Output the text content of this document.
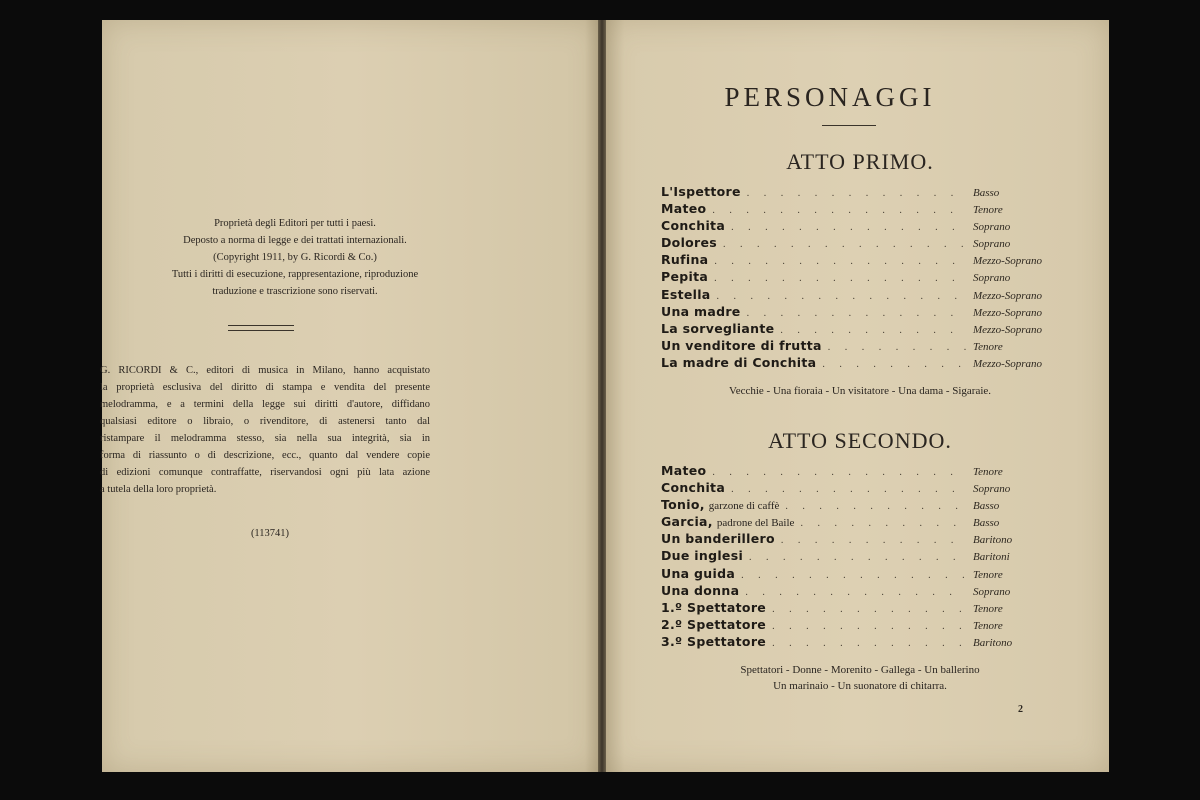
Proprietà degli Editori per tutti i paesi.
Deposto a norma di legge e dei trattati internazionali.
(Copyright 1911, by G. Ricordi & Co.)
Tutti i diritti di esecuzione, rappresentazione, riproduzione
traduzione e trascrizione sono riservati.
G. RICORDI & C., editori di musica in Milano, hanno acquistato
la proprietà esclusiva del diritto di stampa e vendita del presente
melodramma, e a termini della legge sui diritti d'autore, diffidano
qualsiasi editore o libraio, o rivenditore, di astenersi tanto dal
ristampare il melodramma stesso, sia nella sua integrità, sia in
forma di riassunto o di descrizione, ecc., quanto dal vendere copie
di edizioni comunque contraffatte, riservandosi ogni più lata azione
a tutela della loro proprietà.
(113741)
PERSONAGGI
ATTO PRIMO.
L'Ispettore . . .	Basso
Mateo . . .	Tenore
Conchita . . .	Soprano
Dolores . . .	Soprano
Rufina . . .	Mezzo-Soprano
Pepita . . .	Soprano
Estella . . .	Mezzo-Soprano
Una madre . . .	Mezzo-Soprano
La sorvegliante . . .	Mezzo-Soprano
Un venditore di frutta . . .	Tenore
La madre di Conchita . . .	Mezzo-Soprano
Vecchie - Una fioraia - Un visitatore - Una dama - Sigaraie.
ATTO SECONDO.
Mateo . . .	Tenore
Conchita . . .	Soprano
Tonio, garzone di caffè . . .	Basso
Garcia, padrone del Baile . . .	Basso
Un banderillero . . .	Baritono
Due inglesi . . .	Baritoni
Una guida . . .	Tenore
Una donna . . .	Soprano
1.º Spettatore . . .	Tenore
2.º Spettatore . . .	Tenore
3.º Spettatore . . .	Baritono
Spettatori - Donne - Morenito - Gallega - Un ballerino
Un marinaio - Un suonatore di chitarra.
2
